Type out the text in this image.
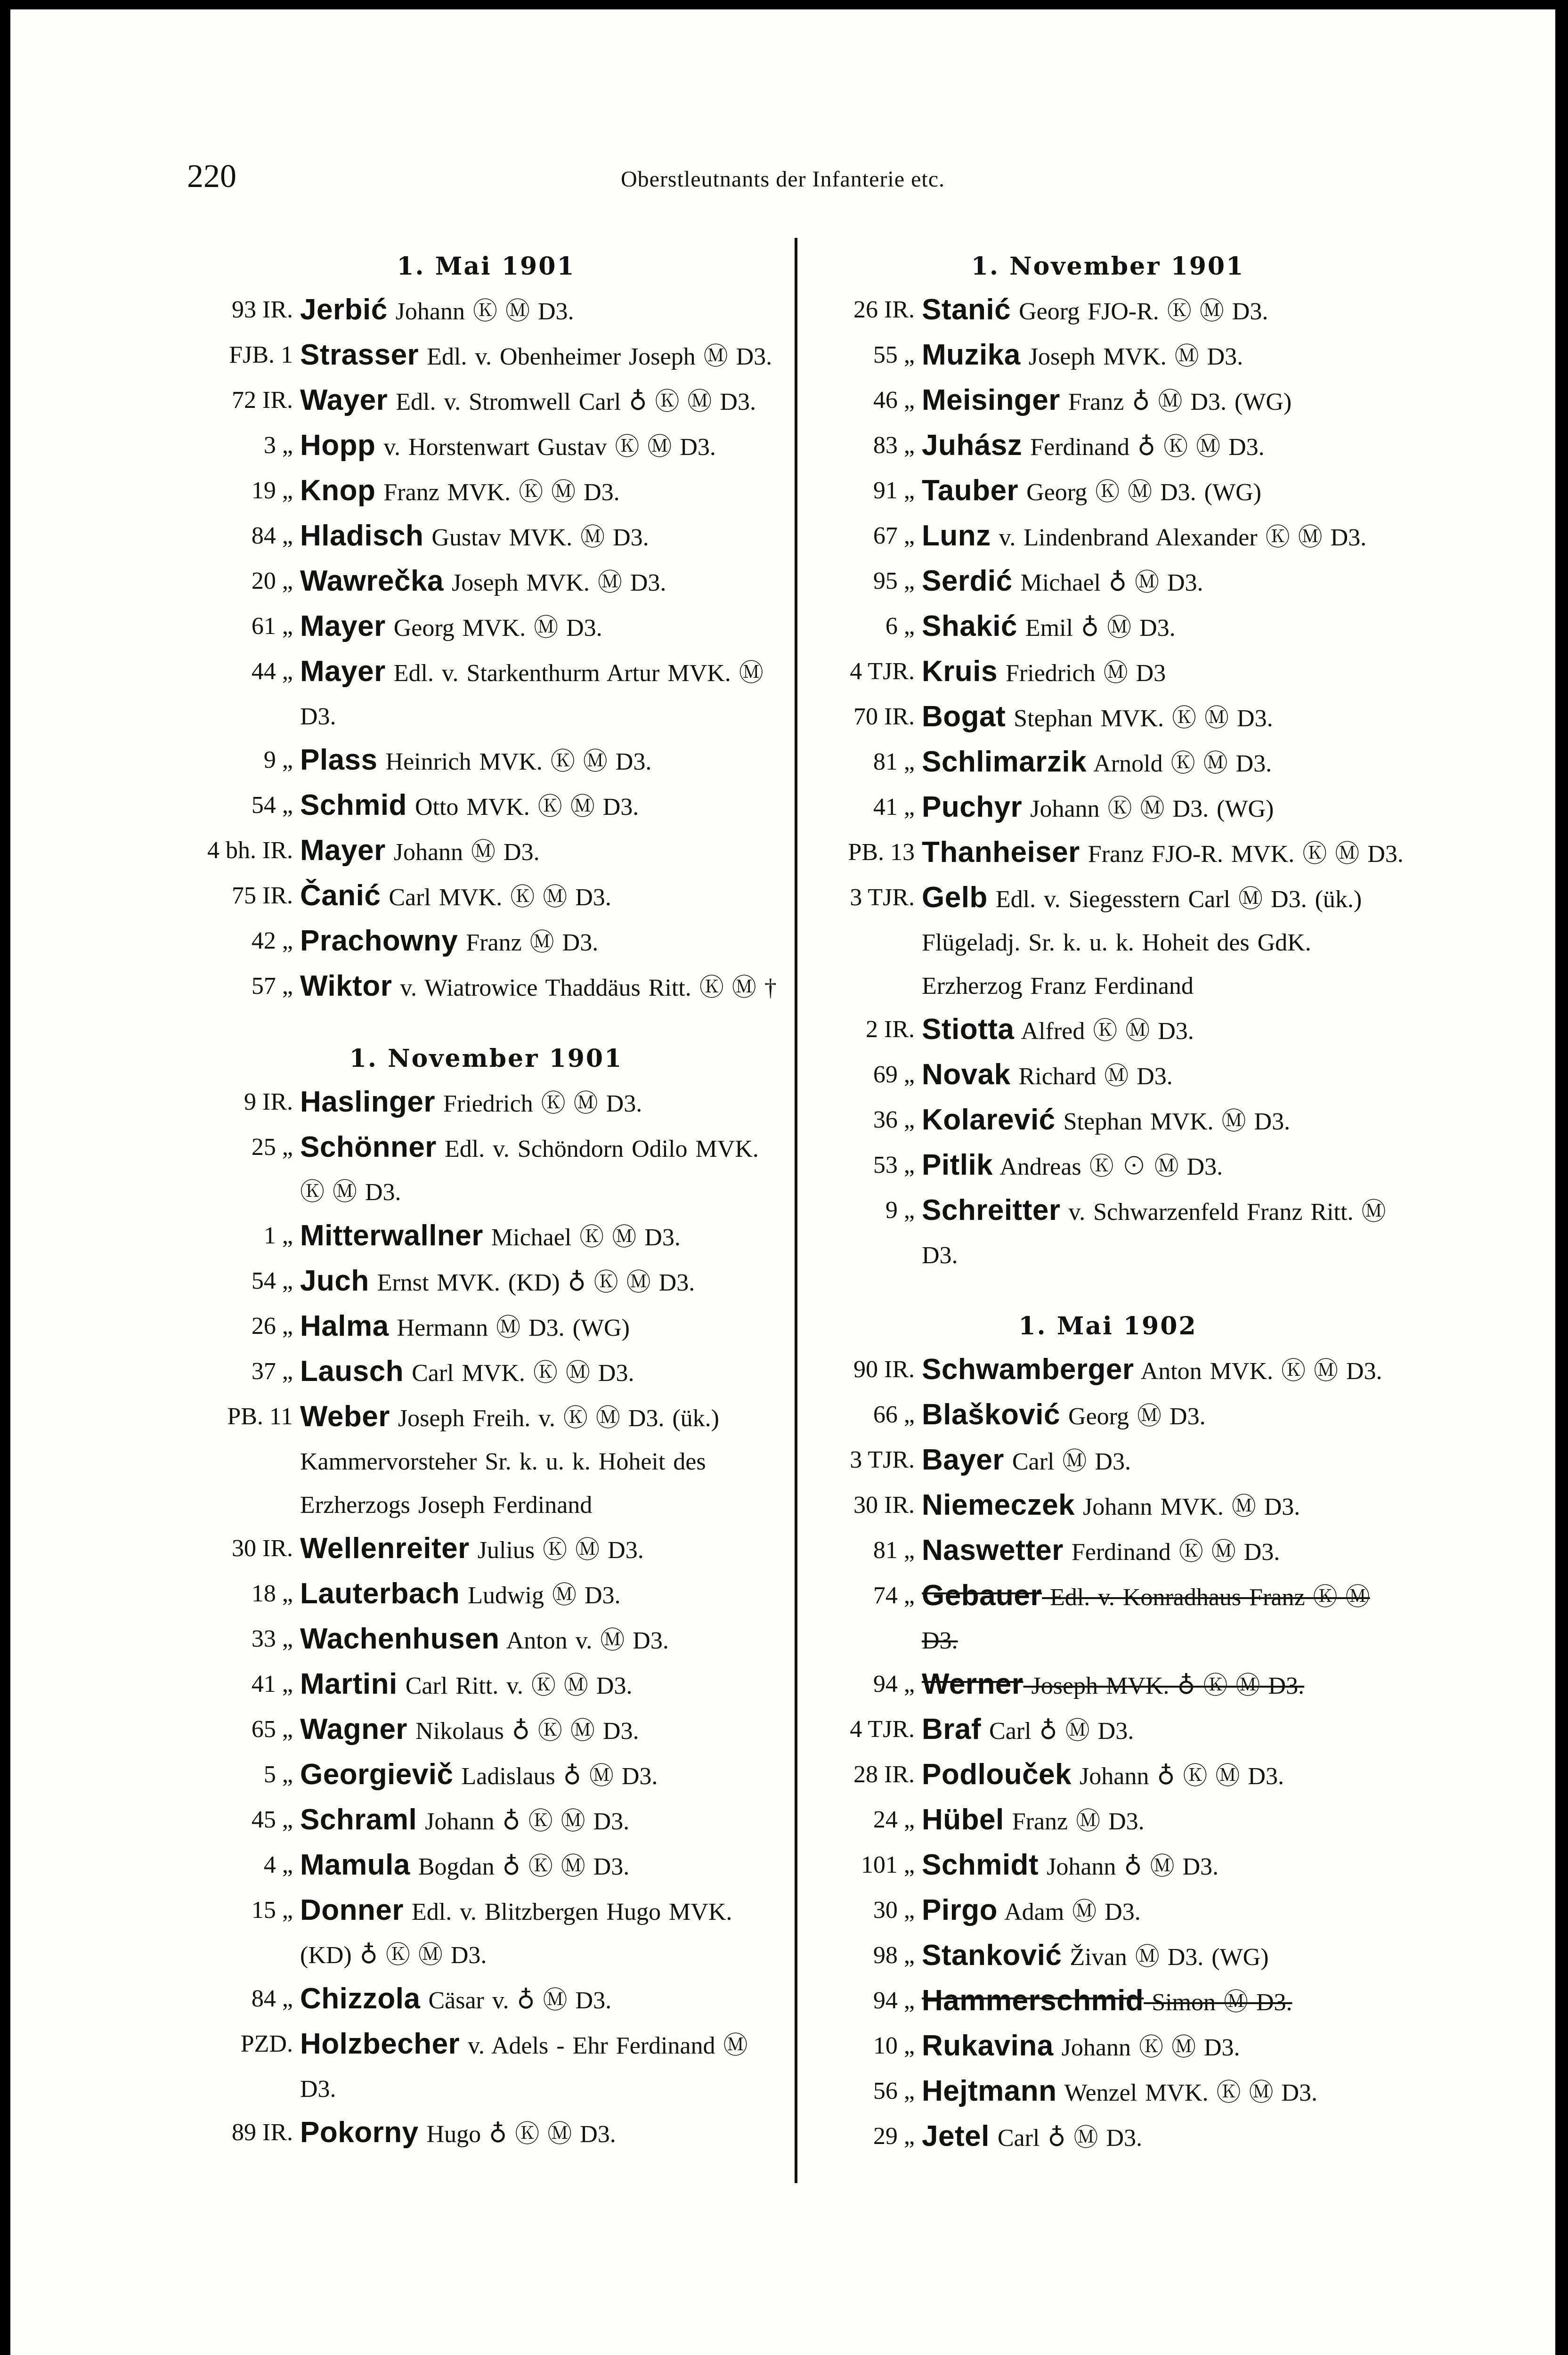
220	Oberstleutnants der Infanterie etc.
1. Mai 1901
93 IR. Jerbić Johann Ⓚ Ⓜ D3.
FJB. 1 Strasser Edl. v. Obenheimer Joseph Ⓜ D3.
72 IR. Wayer Edl. v. Stromwell Carl ♁ Ⓚ Ⓜ D3.
3 „ Hopp v. Horstenwart Gustav Ⓚ Ⓜ D3.
19 „ Knop Franz MVK. Ⓚ Ⓜ D3.
84 „ Hladisch Gustav MVK. Ⓜ D3.
20 „ Wawrečka Joseph MVK. Ⓜ D3.
61 „ Mayer Georg MVK. Ⓜ D3.
44 „ Mayer Edl. v. Starkenthurm Artur MVK. Ⓜ D3.
9 „ Plass Heinrich MVK. Ⓚ Ⓜ D3.
54 „ Schmid Otto MVK. Ⓚ Ⓜ D3.
4 bh. IR. Mayer Johann Ⓜ D3.
75 IR. Čanić Carl MVK. Ⓚ Ⓜ D3.
42 „ Prachowny Franz Ⓜ D3.
57 „ Wiktor v. Wiatrowice Thaddäus Ritt. Ⓚ Ⓜ †
1. November 1901
9 IR. Haslinger Friedrich Ⓚ Ⓜ D3.
25 „ Schönner Edl. v. Schöndorn Odilo MVK. Ⓚ Ⓜ D3.
1 „ Mitterwallner Michael Ⓚ Ⓜ D3.
54 „ Juch Ernst MVK. (KD) ♁ Ⓚ Ⓜ D3.
26 „ Halma Hermann Ⓜ D3. (WG)
37 „ Lausch Carl MVK. Ⓚ Ⓜ D3.
PB. 11 Weber Joseph Freih. v. Ⓚ Ⓜ D3. (ük.) Kammervorsteher Sr. k. u. k. Hoheit des Erzherzogs Joseph Ferdinand
30 IR. Wellenreiter Julius Ⓚ Ⓜ D3.
18 „ Lauterbach Ludwig Ⓜ D3.
33 „ Wachenhusen Anton v. Ⓜ D3.
41 „ Martini Carl Ritt. v. Ⓚ Ⓜ D3.
65 „ Wagner Nikolaus ♁ Ⓚ Ⓜ D3.
5 „ Georgievič Ladislaus ♁ Ⓜ D3.
45 „ Schraml Johann ♁ Ⓚ Ⓜ D3.
4 „ Mamula Bogdan ♁ Ⓚ Ⓜ D3.
15 „ Donner Edl. v. Blitzbergen Hugo MVK. (KD) ♁ Ⓚ Ⓜ D3.
84 „ Chizzola Cäsar v. ♁ Ⓜ D3.
PZD. Holzbecher v. Adels - Ehr Ferdinand Ⓜ D3.
89 IR. Pokorny Hugo ♁ Ⓚ Ⓜ D3.
1. November 1901
26 IR. Stanić Georg FJO-R. Ⓚ Ⓜ D3.
55 „ Muzika Joseph MVK. Ⓜ D3.
46 „ Meisinger Franz ♁ Ⓜ D3. (WG)
83 „ Juhász Ferdinand ♁ Ⓚ Ⓜ D3.
91 „ Tauber Georg Ⓚ Ⓜ D3. (WG)
67 „ Lunz v. Lindenbrand Alexander Ⓚ Ⓜ D3.
95 „ Serdić Michael ♁ Ⓜ D3.
6 „ Shakić Emil ♁ Ⓜ D3.
4 TJR. Kruis Friedrich Ⓜ D3
70 IR. Bogat Stephan MVK. Ⓚ Ⓜ D3.
81 „ Schlimarzik Arnold Ⓚ Ⓜ D3.
41 „ Puchyr Johann Ⓚ Ⓜ D3. (WG)
PB. 13 Thanheiser Franz FJO-R. MVK. Ⓚ Ⓜ D3.
3 TJR. Gelb Edl. v. Siegesstern Carl Ⓜ D3. (ük.) Flügeladj. Sr. k. u. k. Hoheit des GdK. Erzherzog Franz Ferdinand
2 IR. Stiotta Alfred Ⓚ Ⓜ D3.
69 „ Novak Richard Ⓜ D3.
36 „ Kolarević Stephan MVK. Ⓜ D3.
53 „ Pitlik Andreas Ⓚ ⊙ Ⓜ D3.
9 „ Schreitter v. Schwarzenfeld Franz Ritt. Ⓜ D3.
1. Mai 1902
90 IR. Schwamberger Anton MVK. Ⓚ Ⓜ D3.
66 „ Blašković Georg Ⓜ D3.
3 TJR. Bayer Carl Ⓜ D3.
30 IR. Niemeczek Johann MVK. Ⓜ D3.
81 „ Naswetter Ferdinand Ⓚ Ⓜ D3.
74 „ Gebauer Edl. v. Konradhaus Franz Ⓚ Ⓜ D3.
94 „ Werner Joseph MVK. ♁ Ⓚ Ⓜ D3.
4 TJR. Braf Carl ♁ Ⓜ D3.
28 IR. Podlouček Johann ♁ Ⓚ Ⓜ D3.
24 „ Hübel Franz Ⓜ D3.
101 „ Schmidt Johann ♁ Ⓜ D3.
30 „ Pirgo Adam Ⓜ D3.
98 „ Stanković Živan Ⓜ D3. (WG)
94 „ Hammerschmid Simon Ⓜ D3.
10 „ Rukavina Johann Ⓚ Ⓜ D3.
56 „ Hejtmann Wenzel MVK. Ⓚ Ⓜ D3.
29 „ Jetel Carl ♁ Ⓜ D3.
